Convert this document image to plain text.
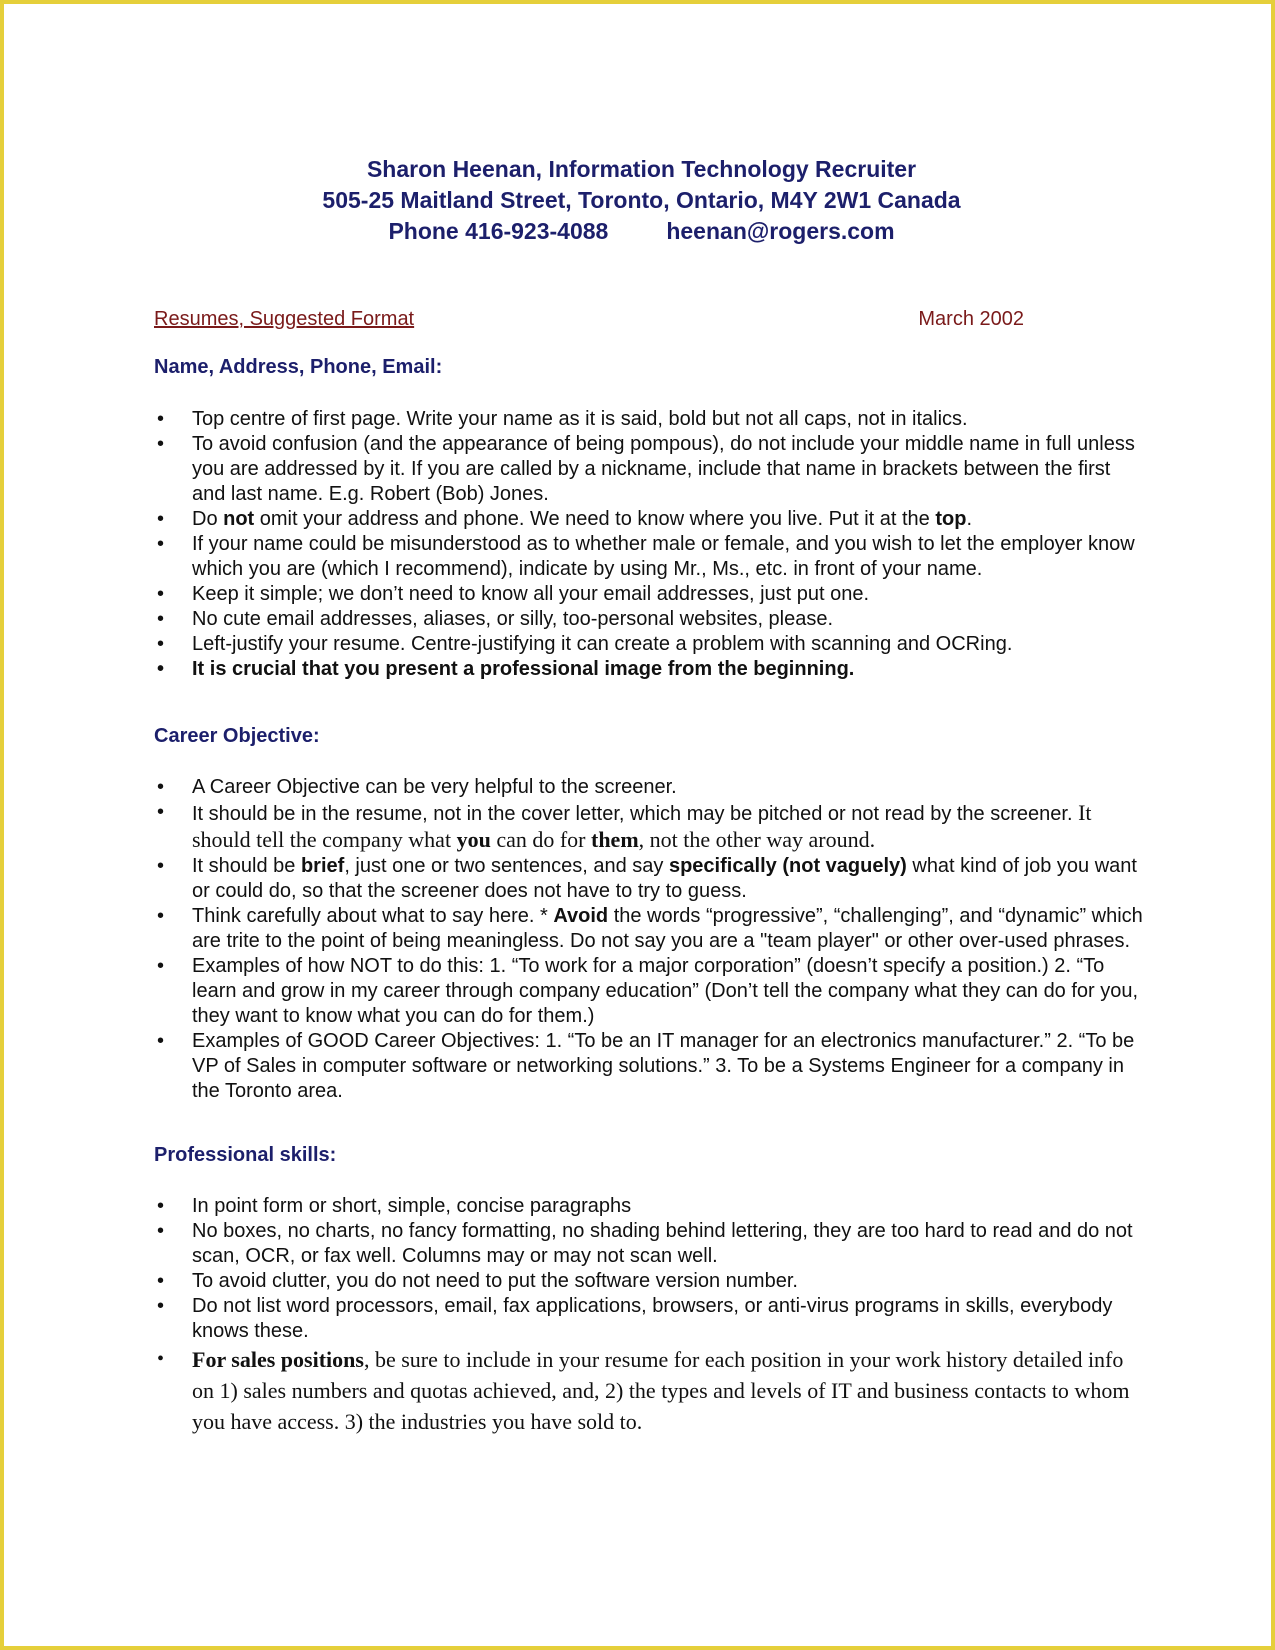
Sharon Heenan, Information Technology Recruiter
505-25 Maitland Street, Toronto, Ontario, M4Y 2W1 Canada
Phone 416-923-4088	heenan@rogers.com
Resumes, Suggested Format	March 2002
Name, Address, Phone, Email:
• Top centre of first page. Write your name as it is said, bold but not all caps, not in italics.
• To avoid confusion (and the appearance of being pompous), do not include your middle name in full unless you are addressed by it. If you are called by a nickname, include that name in brackets between the first and last name. E.g. Robert (Bob) Jones.
• Do not omit your address and phone. We need to know where you live. Put it at the top.
• If your name could be misunderstood as to whether male or female, and you wish to let the employer know which you are (which I recommend), indicate by using Mr., Ms., etc. in front of your name.
• Keep it simple; we don’t need to know all your email addresses, just put one.
• No cute email addresses, aliases, or silly, too-personal websites, please.
• Left-justify your resume. Centre-justifying it can create a problem with scanning and OCRing.
• It is crucial that you present a professional image from the beginning.
Career Objective:
• A Career Objective can be very helpful to the screener.
• It should be in the resume, not in the cover letter, which may be pitched or not read by the screener. It should tell the company what you can do for them, not the other way around.
• It should be brief, just one or two sentences, and say specifically (not vaguely) what kind of job you want or could do, so that the screener does not have to try to guess.
• Think carefully about what to say here. * Avoid the words “progressive”, “challenging”, and “dynamic” which are trite to the point of being meaningless. Do not say you are a "team player" or other over-used phrases.
• Examples of how NOT to do this: 1. “To work for a major corporation” (doesn’t specify a position.) 2. “To learn and grow in my career through company education” (Don’t tell the company what they can do for you, they want to know what you can do for them.)
• Examples of GOOD Career Objectives: 1. “To be an IT manager for an electronics manufacturer.” 2. “To be VP of Sales in computer software or networking solutions.” 3. To be a Systems Engineer for a company in the Toronto area.
Professional skills:
• In point form or short, simple, concise paragraphs
• No boxes, no charts, no fancy formatting, no shading behind lettering, they are too hard to read and do not scan, OCR, or fax well. Columns may or may not scan well.
• To avoid clutter, you do not need to put the software version number.
• Do not list word processors, email, fax applications, browsers, or anti-virus programs in skills, everybody knows these.
• For sales positions, be sure to include in your resume for each position in your work history detailed info on 1) sales numbers and quotas achieved, and, 2) the types and levels of IT and business contacts to whom you have access. 3) the industries you have sold to.
